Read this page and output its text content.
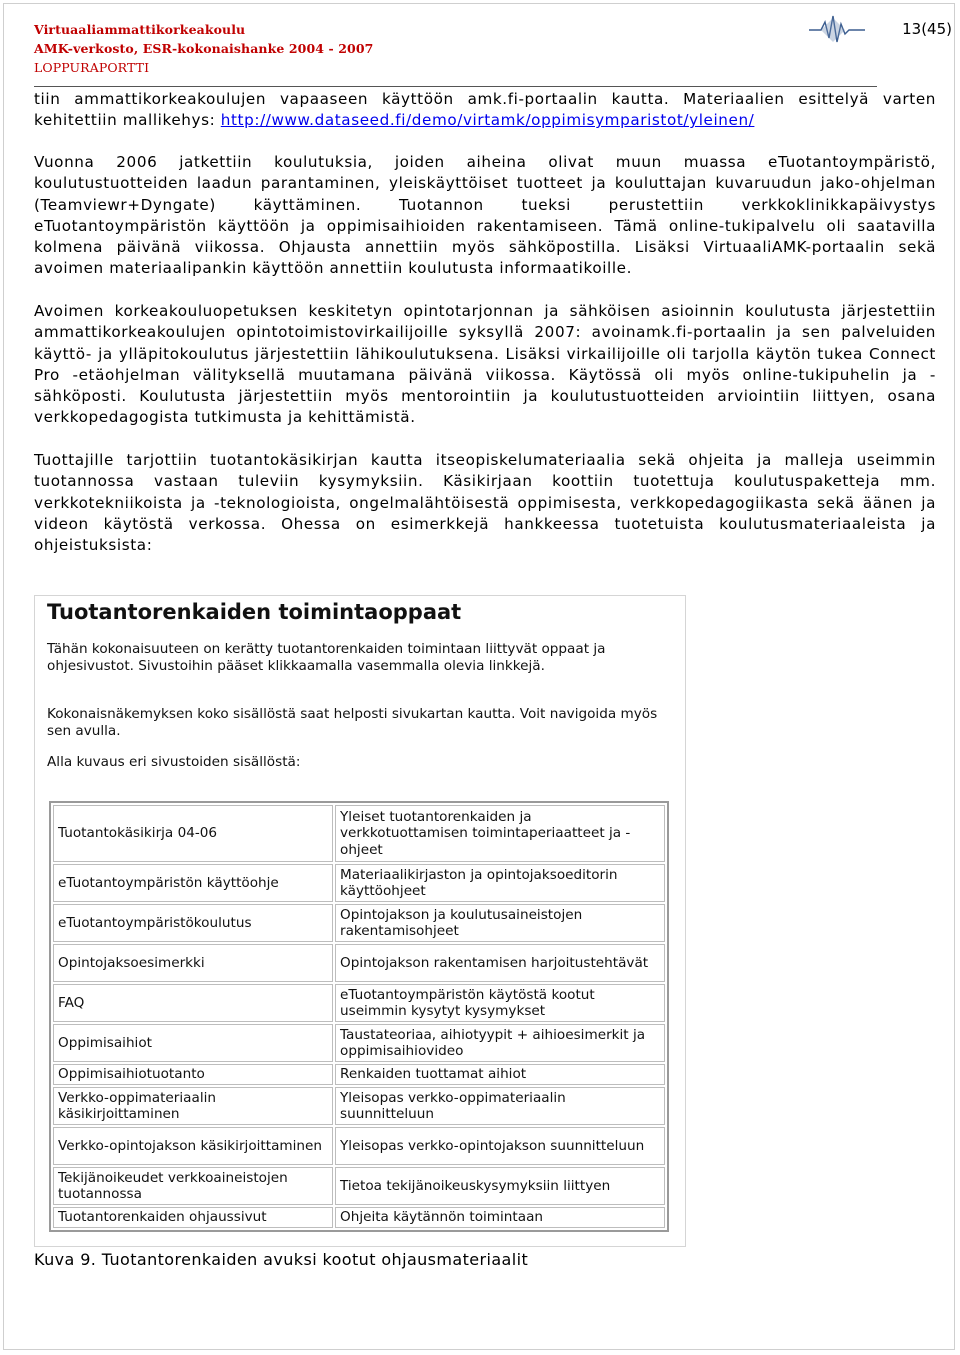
Virtuaaliammattikorkeakoulu
AMK-verkosto, ESR-kokonaishanke 2004 - 2007
LOPPURAPORTTI
13(45)
tiin ammattikorkeakoulujen vapaaseen käyttöön amk.fi-portaalin kautta. Materiaalien esittelyä varten kehitettiin mallikehys: http://www.dataseed.fi/demo/virtamk/oppimisymparistot/yleinen/
Vuonna 2006 jatkettiin koulutuksia, joiden aiheina olivat muun muassa eTuotantoympäristö, koulutustuotteiden laadun parantaminen, yleiskäyttöiset tuotteet ja kouluttajan kuvaruudun jako-ohjelman (Teamviewr+Dyngate) käyttäminen. Tuotannon tueksi perustettiin verkkoklinikkapäivystys eTuotantoympäristön käyttöön ja oppimisaihioiden rakentamiseen. Tämä online-tukipalvelu oli saatavilla kolmena päivänä viikossa. Ohjausta annettiin myös sähköpostilla. Lisäksi VirtuaaliAMK-portaalin sekä avoimen materiaalipankin käyttöön annettiin koulutusta informaatikoille.
Avoimen korkeakouluopetuksen keskitetyn opintotarjonnan ja sähköisen asioinnin koulutusta järjestettiin ammattikorkeakoulujen opintotoimistovirkailijoille syksyllä 2007: avoinamk.fi-portaalin ja sen palveluiden käyttö- ja ylläpitokoulutus järjestettiin lähikoulutuksena. Lisäksi virkailijoille oli tarjolla käytön tukea Connect Pro -etäohjelman välityksellä muutamana päivänä viikossa. Käytössä oli myös online-tukipuhelin ja -sähköposti. Koulutusta järjestettiin myös mentorointiin ja koulutustuotteiden arviointiin liittyen, osana verkkopedagogista tutkimusta ja kehittämistä.
Tuottajille tarjottiin tuotantokäsikirjan kautta itseopiskelumateriaalia sekä ohjeita ja malleja useimmin tuotannossa vastaan tuleviin kysymyksiin. Käsikirjaan koottiin tuotettuja koulutuspaketteja mm. verkkotekniikoista ja -teknologioista, ongelmalähtöisestä oppimisesta, verkkopedagogiikasta sekä äänen ja videon käytöstä verkossa. Ohessa on esimerkkejä hankkeessa tuotetuista koulutusmateriaaleista ja ohjeistuksista:
Tuotantorenkaiden toimintaoppaat
Tähän kokonaisuuteen on kerätty tuotantorenkaiden toimintaan liittyvät oppaat ja ohjesivustot. Sivustoihin pääset klikkaamalla vasemmalla olevia linkkejä.
Kokonaisnäkemyksen koko sisällöstä saat helposti sivukartan kautta. Voit navigoida myös sen avulla.
Alla kuvaus eri sivustoiden sisällöstä:
Tuotantokäsikirja 04-06	Yleiset tuotantorenkaiden ja verkkotuottamisen toimintaperiaatteet ja -ohjeet
eTuotantoympäristön käyttöohje	Materiaalikirjaston ja opintojaksoeditorin käyttöohjeet
eTuotantoympäristökoulutus	Opintojakson ja koulutusaineistojen rakentamisohjeet
Opintojaksoesimerkki	Opintojakson rakentamisen harjoitustehtävät
FAQ	eTuotantoympäristön käytöstä kootut useimmin kysytyt kysymykset
Oppimisaihiot	Taustateoriaa, aihiotyypit + aihioesimerkit ja oppimisaihiovideo
Oppimisaihiotuotanto	Renkaiden tuottamat aihiot
Verkko-oppimateriaalin käsikirjoittaminen	Yleisopas verkko-oppimateriaalin suunnitteluun
Verkko-opintojakson käsikirjoittaminen	Yleisopas verkko-opintojakson suunnitteluun
Tekijänoikeudet verkkoaineistojen tuotannossa	Tietoa tekijänoikeuskysymyksiin liittyen
Tuotantorenkaiden ohjaussivut	Ohjeita käytännön toimintaan
Kuva 9. Tuotantorenkaiden avuksi kootut ohjausmateriaalit
